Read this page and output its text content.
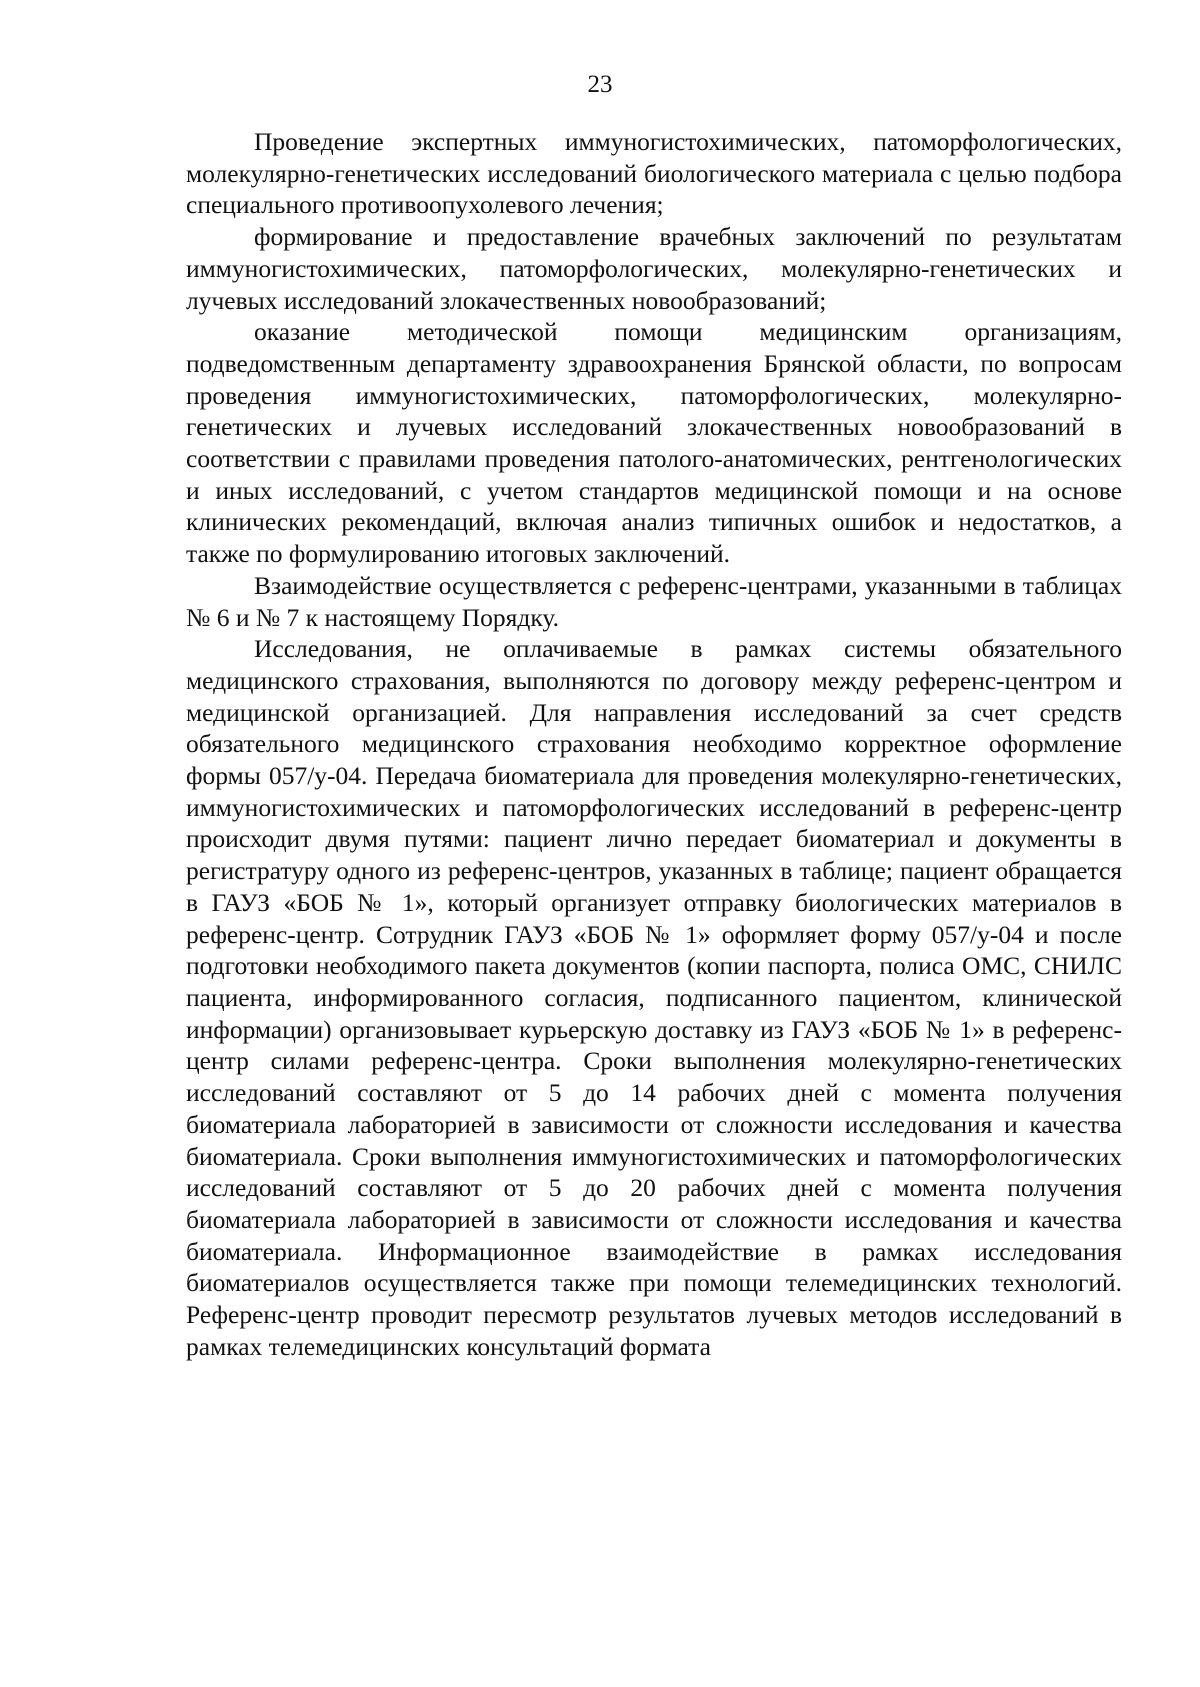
23

Проведение экспертных иммуногистохимических, патоморфологических, молекулярно-генетических исследований биологического материала с целью подбора специального противоопухолевого лечения;

формирование и предоставление врачебных заключений по результатам иммуногистохимических, патоморфологических, молекулярно-генетических и лучевых исследований злокачественных новообразований;

оказание методической помощи медицинским организациям, подведомственным департаменту здравоохранения Брянской области, по вопросам проведения иммуногистохимических, патоморфологических, молекулярно-генетических и лучевых исследований злокачественных новообразований в соответствии с правилами проведения патолого-анатомических, рентгенологических и иных исследований, с учетом стандартов медицинской помощи и на основе клинических рекомендаций, включая анализ типичных ошибок и недостатков, а также по формулированию итоговых заключений.

Взаимодействие осуществляется с референс-центрами, указанными в таблицах № 6 и № 7 к настоящему Порядку.

Исследования, не оплачиваемые в рамках системы обязательного медицинского страхования, выполняются по договору между референс-центром и медицинской организацией. Для направления исследований за счет средств обязательного медицинского страхования необходимо корректное оформление формы 057/у-04. Передача биоматериала для проведения молекулярно-генетических, иммуногистохимических и патоморфологических исследований в референс-центр происходит двумя путями: пациент лично передает биоматериал и документы в регистратуру одного из референс-центров, указанных в таблице; пациент обращается в ГАУЗ «БОБ № 1», который организует отправку биологических материалов в референс-центр. Сотрудник ГАУЗ «БОБ № 1» оформляет форму 057/у-04 и после подготовки необходимого пакета документов (копии паспорта, полиса ОМС, СНИЛС пациента, информированного согласия, подписанного пациентом, клинической информации) организовывает курьерскую доставку из ГАУЗ «БОБ № 1» в референс-центр силами референс-центра. Сроки выполнения молекулярно-генетических исследований составляют от 5 до 14 рабочих дней с момента получения биоматериала лабораторией в зависимости от сложности исследования и качества биоматериала. Сроки выполнения иммуногистохимических и патоморфологических исследований составляют от 5 до 20 рабочих дней с момента получения биоматериала лабораторией в зависимости от сложности исследования и качества биоматериала. Информационное взаимодействие в рамках исследования биоматериалов осуществляется также при помощи телемедицинских технологий. Референс-центр проводит пересмотр результатов лучевых методов исследований в рамках телемедицинских консультаций формата
